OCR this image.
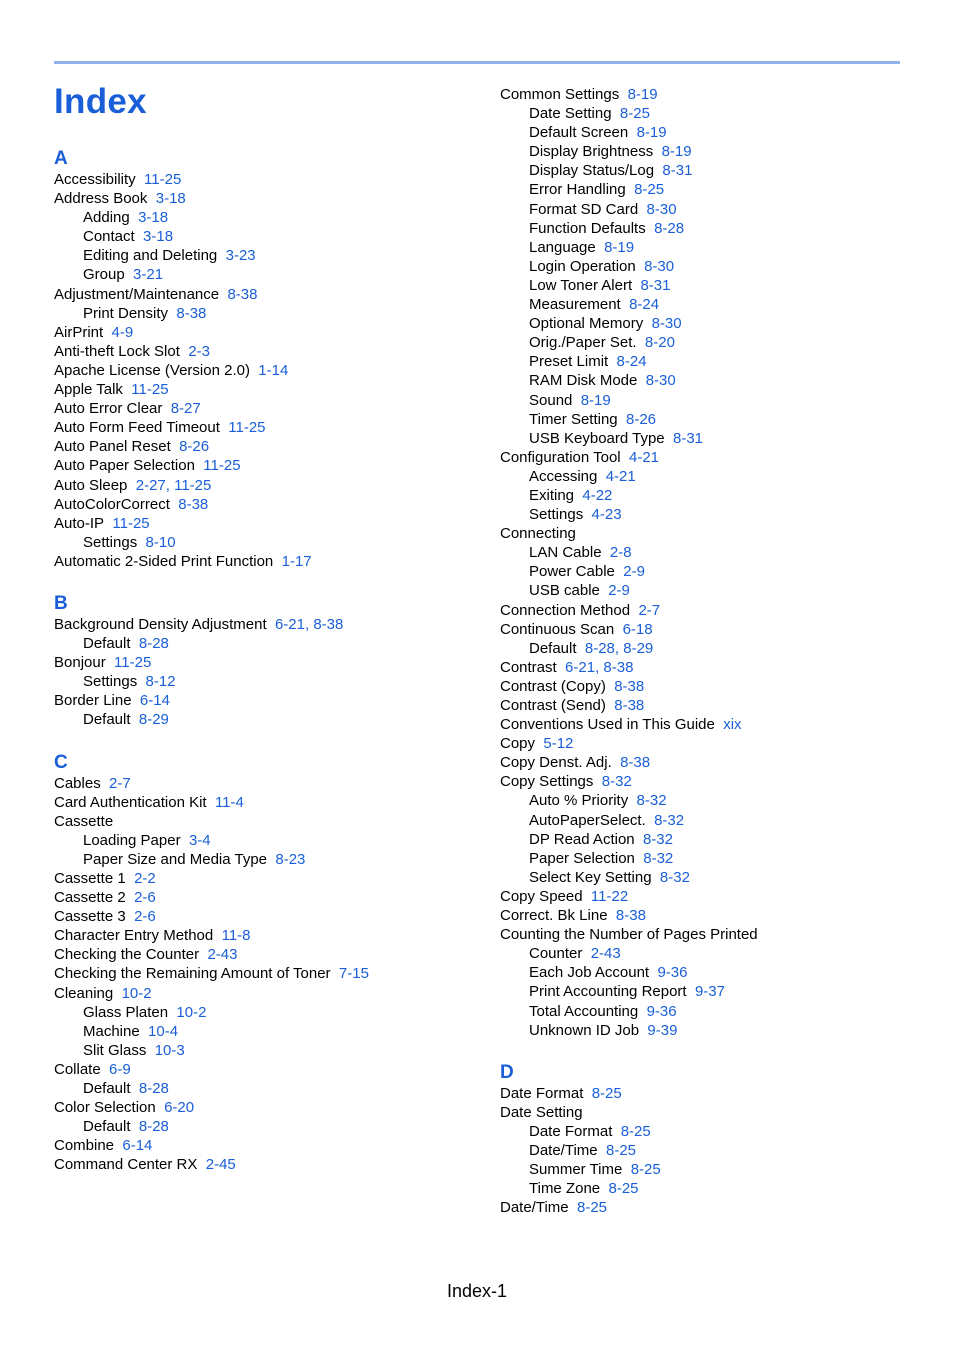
Index
A
Accessibility 11-25
Address Book 3-18
Adding 3-18
Contact 3-18
Editing and Deleting 3-23
Group 3-21
Adjustment/Maintenance 8-38
Print Density 8-38
AirPrint 4-9
Anti-theft Lock Slot 2-3
Apache License (Version 2.0) 1-14
Apple Talk 11-25
Auto Error Clear 8-27
Auto Form Feed Timeout 11-25
Auto Panel Reset 8-26
Auto Paper Selection 11-25
Auto Sleep 2-27, 11-25
AutoColorCorrect 8-38
Auto-IP 11-25
Settings 8-10
Automatic 2-Sided Print Function 1-17
B
Background Density Adjustment 6-21, 8-38
Default 8-28
Bonjour 11-25
Settings 8-12
Border Line 6-14
Default 8-29
C
Cables 2-7
Card Authentication Kit 11-4
Cassette
Loading Paper 3-4
Paper Size and Media Type 8-23
Cassette 1 2-2
Cassette 2 2-6
Cassette 3 2-6
Character Entry Method 11-8
Checking the Counter 2-43
Checking the Remaining Amount of Toner 7-15
Cleaning 10-2
Glass Platen 10-2
Machine 10-4
Slit Glass 10-3
Collate 6-9
Default 8-28
Color Selection 6-20
Default 8-28
Combine 6-14
Command Center RX 2-45
Common Settings 8-19
Date Setting 8-25
Default Screen 8-19
Display Brightness 8-19
Display Status/Log 8-31
Error Handling 8-25
Format SD Card 8-30
Function Defaults 8-28
Language 8-19
Login Operation 8-30
Low Toner Alert 8-31
Measurement 8-24
Optional Memory 8-30
Orig./Paper Set. 8-20
Preset Limit 8-24
RAM Disk Mode 8-30
Sound 8-19
Timer Setting 8-26
USB Keyboard Type 8-31
Configuration Tool 4-21
Accessing 4-21
Exiting 4-22
Settings 4-23
Connecting
LAN Cable 2-8
Power Cable 2-9
USB cable 2-9
Connection Method 2-7
Continuous Scan 6-18
Default 8-28, 8-29
Contrast 6-21, 8-38
Contrast (Copy) 8-38
Contrast (Send) 8-38
Conventions Used in This Guide xix
Copy 5-12
Copy Denst. Adj. 8-38
Copy Settings 8-32
Auto % Priority 8-32
AutoPaperSelect. 8-32
DP Read Action 8-32
Paper Selection 8-32
Select Key Setting 8-32
Copy Speed 11-22
Correct. Bk Line 8-38
Counting the Number of Pages Printed
Counter 2-43
Each Job Account 9-36
Print Accounting Report 9-37
Total Accounting 9-36
Unknown ID Job 9-39
D
Date Format 8-25
Date Setting
Date Format 8-25
Date/Time 8-25
Summer Time 8-25
Time Zone 8-25
Date/Time 8-25
Index-1
